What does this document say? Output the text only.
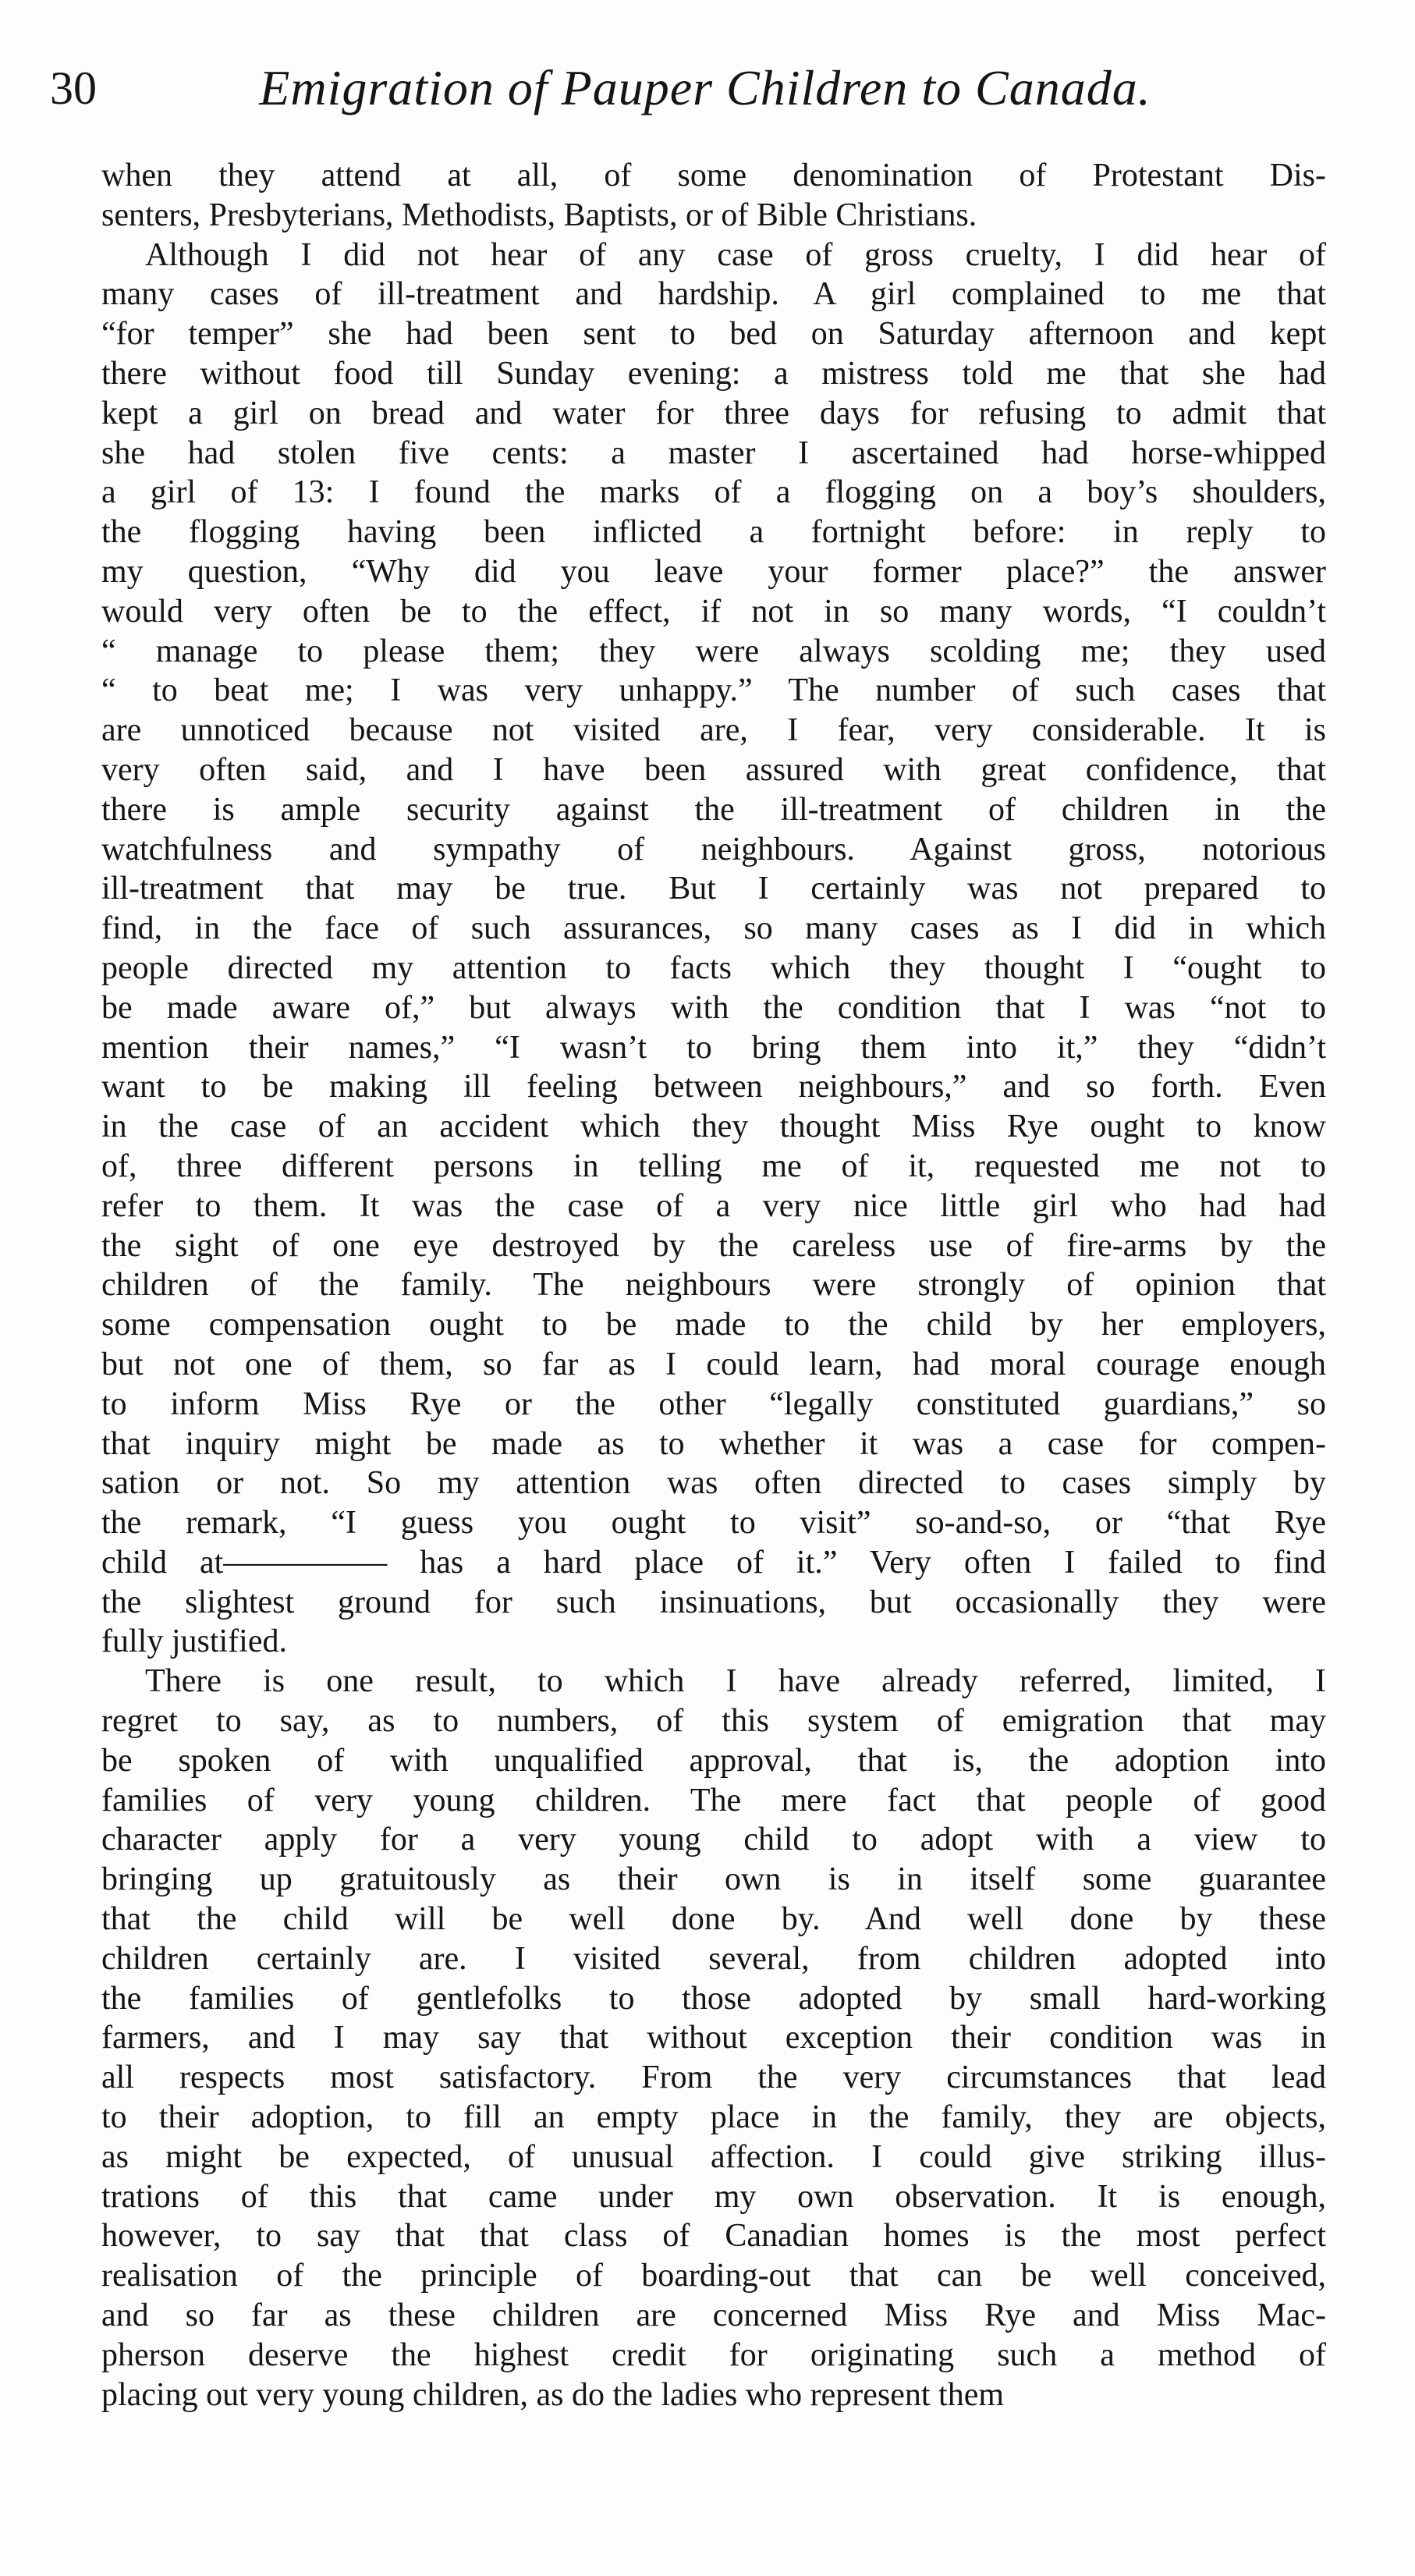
30	Emigration of Pauper Children to Canada.
when they attend at all, of some denomination of Protestant Dis-
senters, Presbyterians, Methodists, Baptists, or of Bible Christians.
Although I did not hear of any case of gross cruelty, I did hear of
many cases of ill-treatment and hardship. A girl complained to me that
“for temper” she had been sent to bed on Saturday afternoon and kept
there without food till Sunday evening: a mistress told me that she had
kept a girl on bread and water for three days for refusing to admit that
she had stolen five cents: a master I ascertained had horse-whipped
a girl of 13: I found the marks of a flogging on a boy’s shoulders,
the flogging having been inflicted a fortnight before: in reply to
my question, “Why did you leave your former place?” the answer
would very often be to the effect, if not in so many words, “I couldn’t
“ manage to please them; they were always scolding me; they used
“ to beat me; I was very unhappy.” The number of such cases that
are unnoticed because not visited are, I fear, very considerable. It is
very often said, and I have been assured with great confidence, that
there is ample security against the ill-treatment of children in the
watchfulness and sympathy of neighbours. Against gross, notorious
ill-treatment that may be true. But I certainly was not prepared to
find, in the face of such assurances, so many cases as I did in which
people directed my attention to facts which they thought I “ought to
be made aware of,” but always with the condition that I was “not to
mention their names,” “I wasn’t to bring them into it,” they “didn’t
want to be making ill feeling between neighbours,” and so forth. Even
in the case of an accident which they thought Miss Rye ought to know
of, three different persons in telling me of it, requested me not to
refer to them. It was the case of a very nice little girl who had had
the sight of one eye destroyed by the careless use of fire-arms by the
children of the family. The neighbours were strongly of opinion that
some compensation ought to be made to the child by her employers,
but not one of them, so far as I could learn, had moral courage enough
to inform Miss Rye or the other “legally constituted guardians,” so
that inquiry might be made as to whether it was a case for compen-
sation or not. So my attention was often directed to cases simply by
the remark, “I guess you ought to visit” so-and-so, or “that Rye
child at————— has a hard place of it.” Very often I failed to find
the slightest ground for such insinuations, but occasionally they were
fully justified.
There is one result, to which I have already referred, limited, I
regret to say, as to numbers, of this system of emigration that may
be spoken of with unqualified approval, that is, the adoption into
families of very young children. The mere fact that people of good
character apply for a very young child to adopt with a view to
bringing up gratuitously as their own is in itself some guarantee
that the child will be well done by. And well done by these
children certainly are. I visited several, from children adopted into
the families of gentlefolks to those adopted by small hard-working
farmers, and I may say that without exception their condition was in
all respects most satisfactory. From the very circumstances that lead
to their adoption, to fill an empty place in the family, they are objects,
as might be expected, of unusual affection. I could give striking illus-
trations of this that came under my own observation. It is enough,
however, to say that that class of Canadian homes is the most perfect
realisation of the principle of boarding-out that can be well conceived,
and so far as these children are concerned Miss Rye and Miss Mac-
pherson deserve the highest credit for originating such a method of
placing out very young children, as do the ladies who represent them
